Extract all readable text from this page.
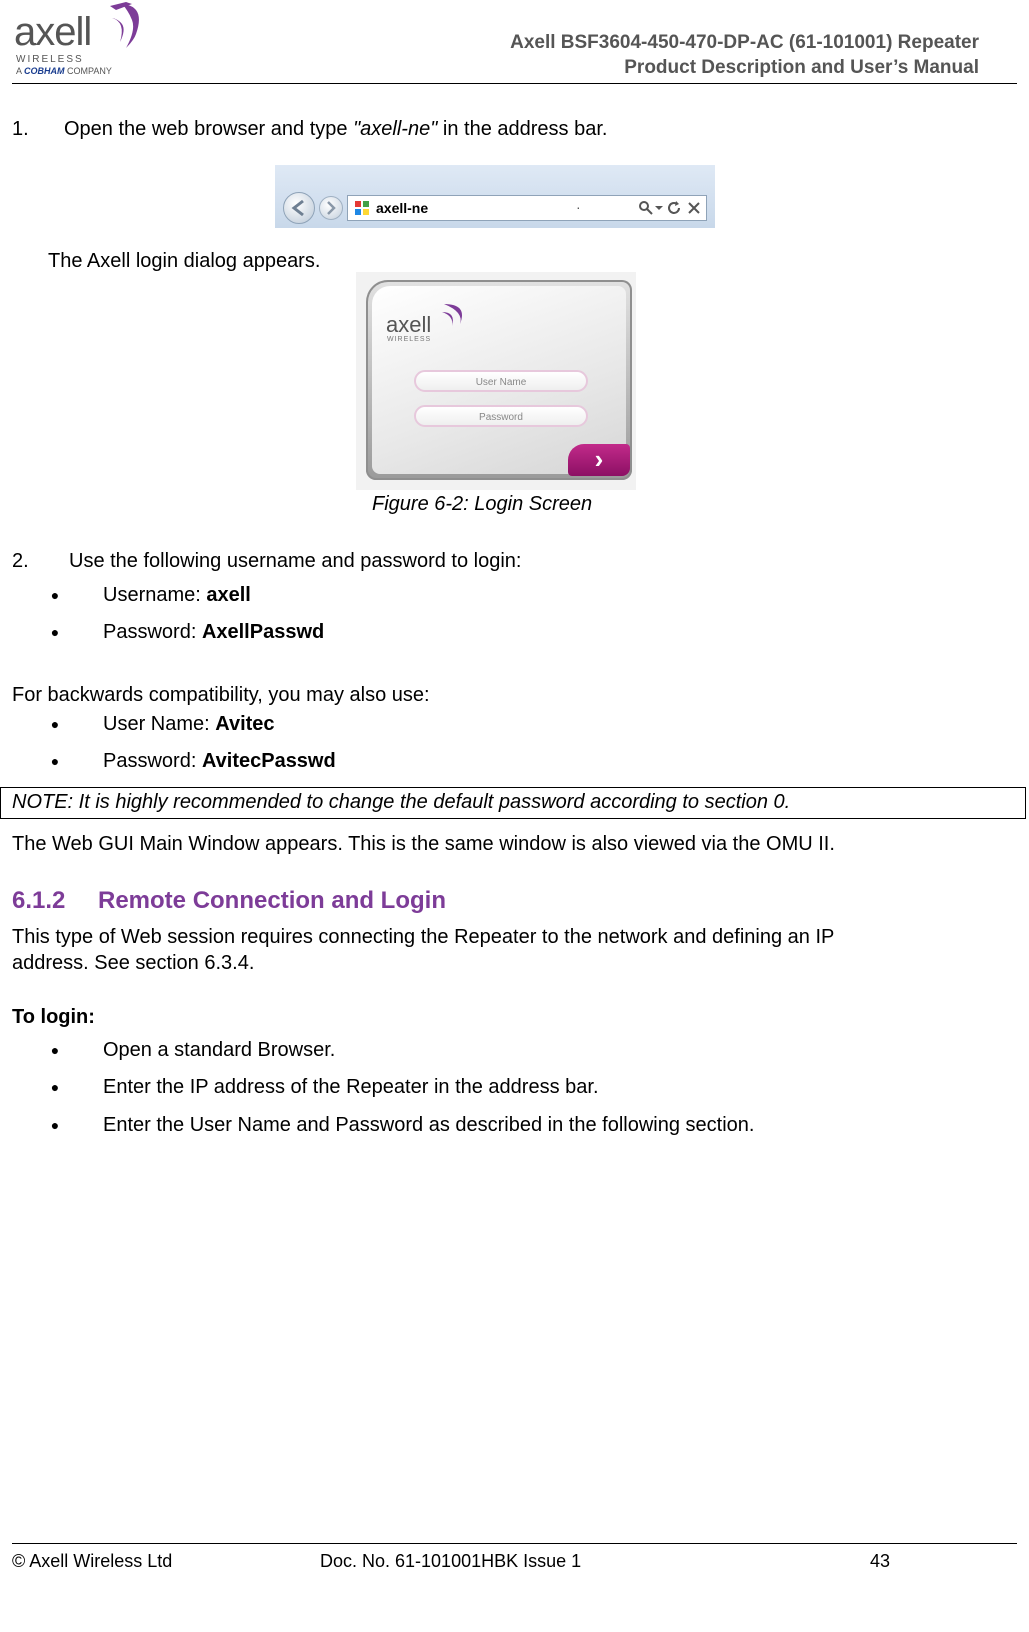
axell
WIRELESS
A COBHAM COMPANY
Axell BSF3604-450-470-DP-AC (61-101001) Repeater
Product Description and User’s Manual
1. Open the web browser and type "axell-ne" in the address bar.
axell-ne	·
The Axell login dialog appears.
axell
WIRELESS
User Name
Password
›
Figure 6-2: Login Screen
2. Use the following username and password to login:
● Username: axell
● Password: AxellPasswd
For backwards compatibility, you may also use:
● User Name: Avitec
● Password: AvitecPasswd
NOTE: It is highly recommended to change the default password according to section 0.
The Web GUI Main Window appears. This is the same window is also viewed via the OMU II.
6.1.2 Remote Connection and Login
This type of Web session requires connecting the Repeater to the network and defining an IP
address. See section 6.3.4.
To login:
● Open a standard Browser.
● Enter the IP address of the Repeater in the address bar.
● Enter the User Name and Password as described in the following section.
© Axell Wireless Ltd	Doc. No. 61-101001HBK Issue 1	43
